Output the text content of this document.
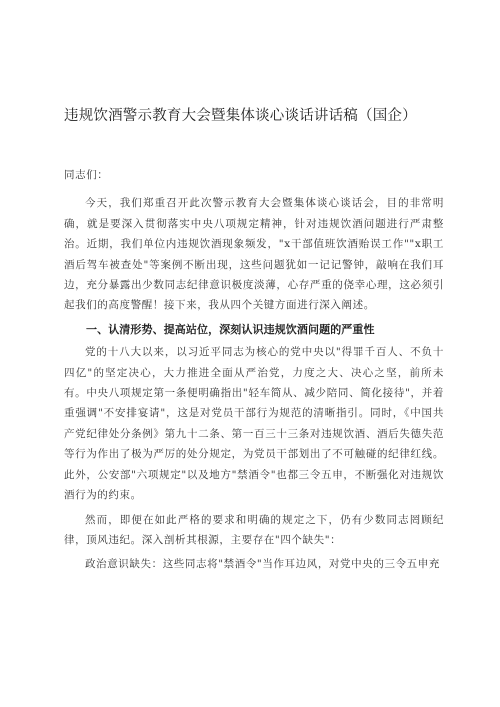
违规饮酒警示教育大会暨集体谈心谈话讲话稿（国企）

同志们：

今天，我们郑重召开此次警示教育大会暨集体谈心谈话会，目的非常明确，就是要深入贯彻落实中央八项规定精神，针对违规饮酒问题进行严肃整治。近期，我们单位内违规饮酒现象频发，"x干部值班饮酒贻误工作""x职工酒后驾车被查处"等案例不断出现，这些问题犹如一记记警钟，敲响在我们耳边，充分暴露出少数同志纪律意识极度淡薄，心存严重的侥幸心理，这必须引起我们的高度警醒！接下来，我从四个关键方面进行深入阐述。

一、认清形势、提高站位，深刻认识违规饮酒问题的严重性

党的十八大以来，以习近平同志为核心的党中央以"得罪千百人、不负十四亿"的坚定决心，大力推进全面从严治党，力度之大、决心之坚，前所未有。中央八项规定第一条便明确指出"轻车简从、减少陪同、简化接待"，并着重强调"不安排宴请"，这是对党员干部行为规范的清晰指引。同时，《中国共产党纪律处分条例》第九十二条、第一百三十三条对违规饮酒、酒后失德失范等行为作出了极为严厉的处分规定，为党员干部划出了不可触碰的纪律红线。此外，公安部"六项规定"以及地方"禁酒令"也都三令五申，不断强化对违规饮酒行为的约束。

然而，即便在如此严格的要求和明确的规定之下，仍有少数同志罔顾纪律，顶风违纪。深入剖析其根源，主要存在"四个缺失"：

政治意识缺失：这些同志将"禁酒令"当作耳边风，对党中央的三令五申充
